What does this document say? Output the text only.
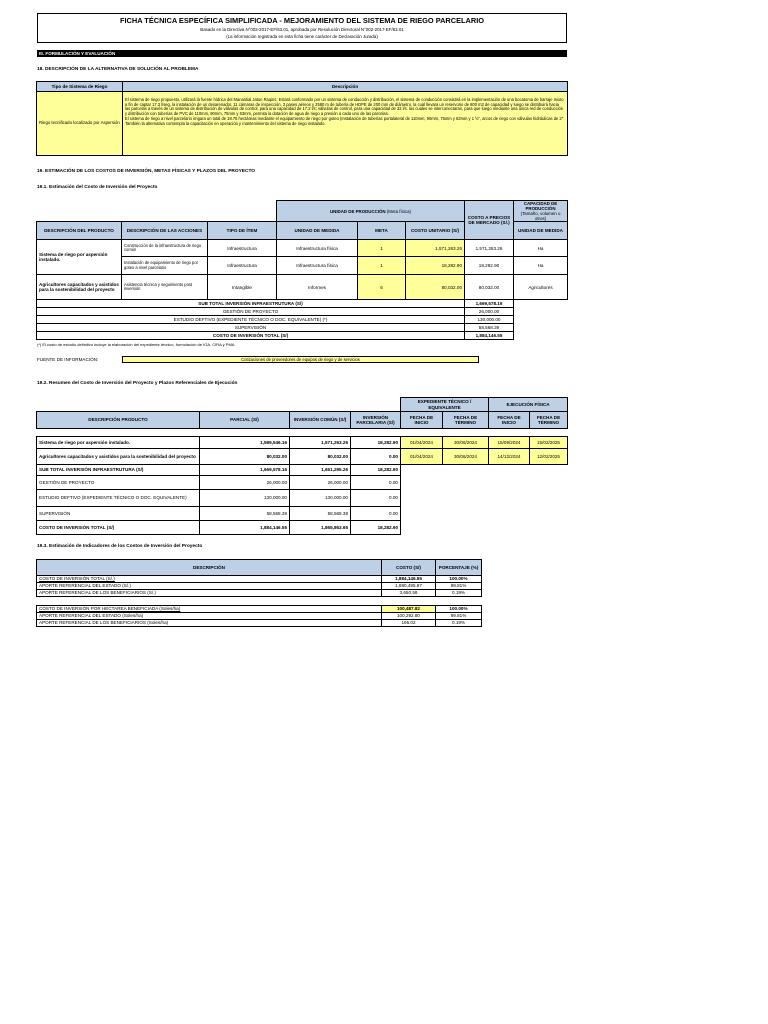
FICHA TÉCNICA ESPECÍFICA SIMPLIFICADA - MEJORAMIENTO DEL SISTEMA DE RIEGO PARCELARIO
Basado en la Directiva N°002-2017-EF/63.01, aprobada por Resolución Directoral N°002-2017-EF/63.01
(La información registrada en esta ficha tiene carácter de Declaración Jurada)
III. FORMULACIÓN Y EVALUACIÓN
18. DESCRIPCIÓN DE LA ALTERNATIVA DE SOLUCIÓN AL PROBLEMA
Tipo de Sistema de Riego	Descripción
Riego tecnificado localizado por Aspersión	El sistema de riego propuesto, utilizará la fuente hídrica del Manantial Jatun Raqins; Estará conformado por un sistema de conducción y distribución, el sistema de conducción consistirá en la implementación de una bocatoma de barraje mixto a fin de captar 17.3 l/seg, la instalación de un desarenador, 11 cámaras de inspección, 3 pases aéreos y 2580 m de tubería de HDPE de 200 mm de diámetro, la cual llevara un reservorio de 800 m3 de capacidad y luego se distribuirá hacia las parcelas a través de un sistema de distribución de válvulas de control, para una capacidad de 17.2 l/s; válvulas de control, para una capacidad de 32 l/s. las cuales se interconectaran, para que luego mediante una única red de conducción y distribución con tuberías de PVC de 110mm, 90mm, 75mm y 63mm, permita la dotación de agua de riego a presión a cada uno de las parcelas.
El sistema de riego a nivel parcelario irrigara un total de 18.75 hectáreas mediante el equipamiento de riego por goteo (Instalación de tuberías portalateral de 110mm, 90mm, 75mm y 63mm y 1 ½", arcos de riego con válvulas hidráulicas de 2"
También la alternativa contempla la capacitación en operación y mantenimiento del sistema de riego instalado.
19. ESTIMACIÓN DE LOS COSTOS DE INVERSIÓN, METAS FÍSICAS Y PLAZOS DEL PROYECTO
19.1. Estimación del Costo de Inversión del Proyecto
			UNIDAD DE PRODUCCIÓN (Meta física)			COSTO A PRECIOS DE MERCADO (S/.)	CAPACIDAD DE PRODUCCIÓN
(Tamaño, volumen u otros)	

DESCRIPCIÓN DEL PRODUCTO	DESCRIPCIÓN DE LAS ACCIONES	TIPO DE ÍTEM	UNIDAD DE MEDIDA	META	COSTO UNITARIO (S/)		UNIDAD DE MEDIDA	
Sistema de riego por aspersión instalado.	Construcción de la infraestructura de riego común	Infraestructura	Infraestructura física	1	1,571,263.26	1,571,263.26	Ha	
	Instalación de equipamiento de riego por goteo a nivel parcelario	Infraestructura	Infraestructura física	1	18,282.90	18,282.90	Ha	
Agricultores capacitados y asistidos para la sostenibilidad del proyecto	Asistencia técnica y seguimiento post inversión	Intangible	Informes	6	80,032.00	80,032.00	Agricultores	
SUB TOTAL INVERSIÓN INFRAESTRUTURA (S/)						1,669,578.16		
GESTIÓN DE PROYECTO						26,000.00		
ESTUDIO DEFTIVO (EXPEDIENTE TÉCNICO O DOC. EQUIVALENTE) (*)						130,000.00		
SUPERVISIÓN						58,568.39		
COSTO DE INVERSIÓN TOTAL (S/)						1,884,146.55		
(*) El costo de estudio definitivo incluye la elaboración del expediente técnico, formulación de IGA, CIRA y PMA
FUENTE DE INFORMACIÓN:	Cotizaciones de proveedores de equipos de riego y de servicios
19.2. Resumen del Costo de Inversión del Proyecto y Plazos Referenciales de Ejecución
				EXPEDIENTE TÉCNICO / EQUIVALENTE		EJECUCIÓN FÍSICA	
DESCRIPCIÓN PRODUCTO	PARCIAL (S/)	INVERSIÓN COMÚN (S/)	INVERSIÓN PARCELARIA (S/)	FECHA DE INICIO	FECHA DE TÉRMINO	FECHA DE INICIO	FECHA DE TÉRMINO

Sistema de riego por aspersión instalado.	1,589,546.16	1,571,263.26	18,282.90	01/04/2024	30/06/2024	15/09/2024	15/02/2025
Agricultores capacitados y asistidos para la sostenibilidad del proyecto	80,032.00	80,032.00	0.00	01/04/2024	30/06/2024	14/12/2024	12/02/2025
SUB TOTAL INVERSIÓN INFRAESTRUTURA (S/)	1,669,578.16	1,651,295.26	18,282.90				
GESTIÓN DE PROYECTO	26,000.00	26,000.00	0.00				
ESTUDIO DEFTIVO (EXPEDIENTE TÉCNICO O DOC. EQUIVALENTE)	130,000.00	130,000.00	0.00				
SUPERVISIÓN	58,568.39	58,568.39	0.00				
COSTO DE INVERSIÓN TOTAL (S/)	1,884,146.55	1,865,863.65	18,282.90				
19.3. Estimación de Indicadores de los Costos de Inversión del Proyecto
DESCRIPCIÓN	COSTO (S/)	PORCENTAJE (%)
COSTO DE INVERSIÓN TOTAL (S/.)	1,884,146.55	100.00%
APORTE REFERENCIAL DEL ESTADO (S/.)	1,880,495.97	99.81%
APORTE REFERENCIAL DE LOS BENEFICIARIOS (S/.)	3,650.58	0.19%

COSTO DE INVERSIÓN POR HECTAREA BENEFICIADA (Soles/ha)	100,487.82	100.00%
APORTE REFERENCIAL DEL ESTADO (Soles/ha)	100,292.80	99.81%
APORTE REFERENCIAL DE LOS BENEFICIARIOS (Soles/ha)	195.02	0.19%
